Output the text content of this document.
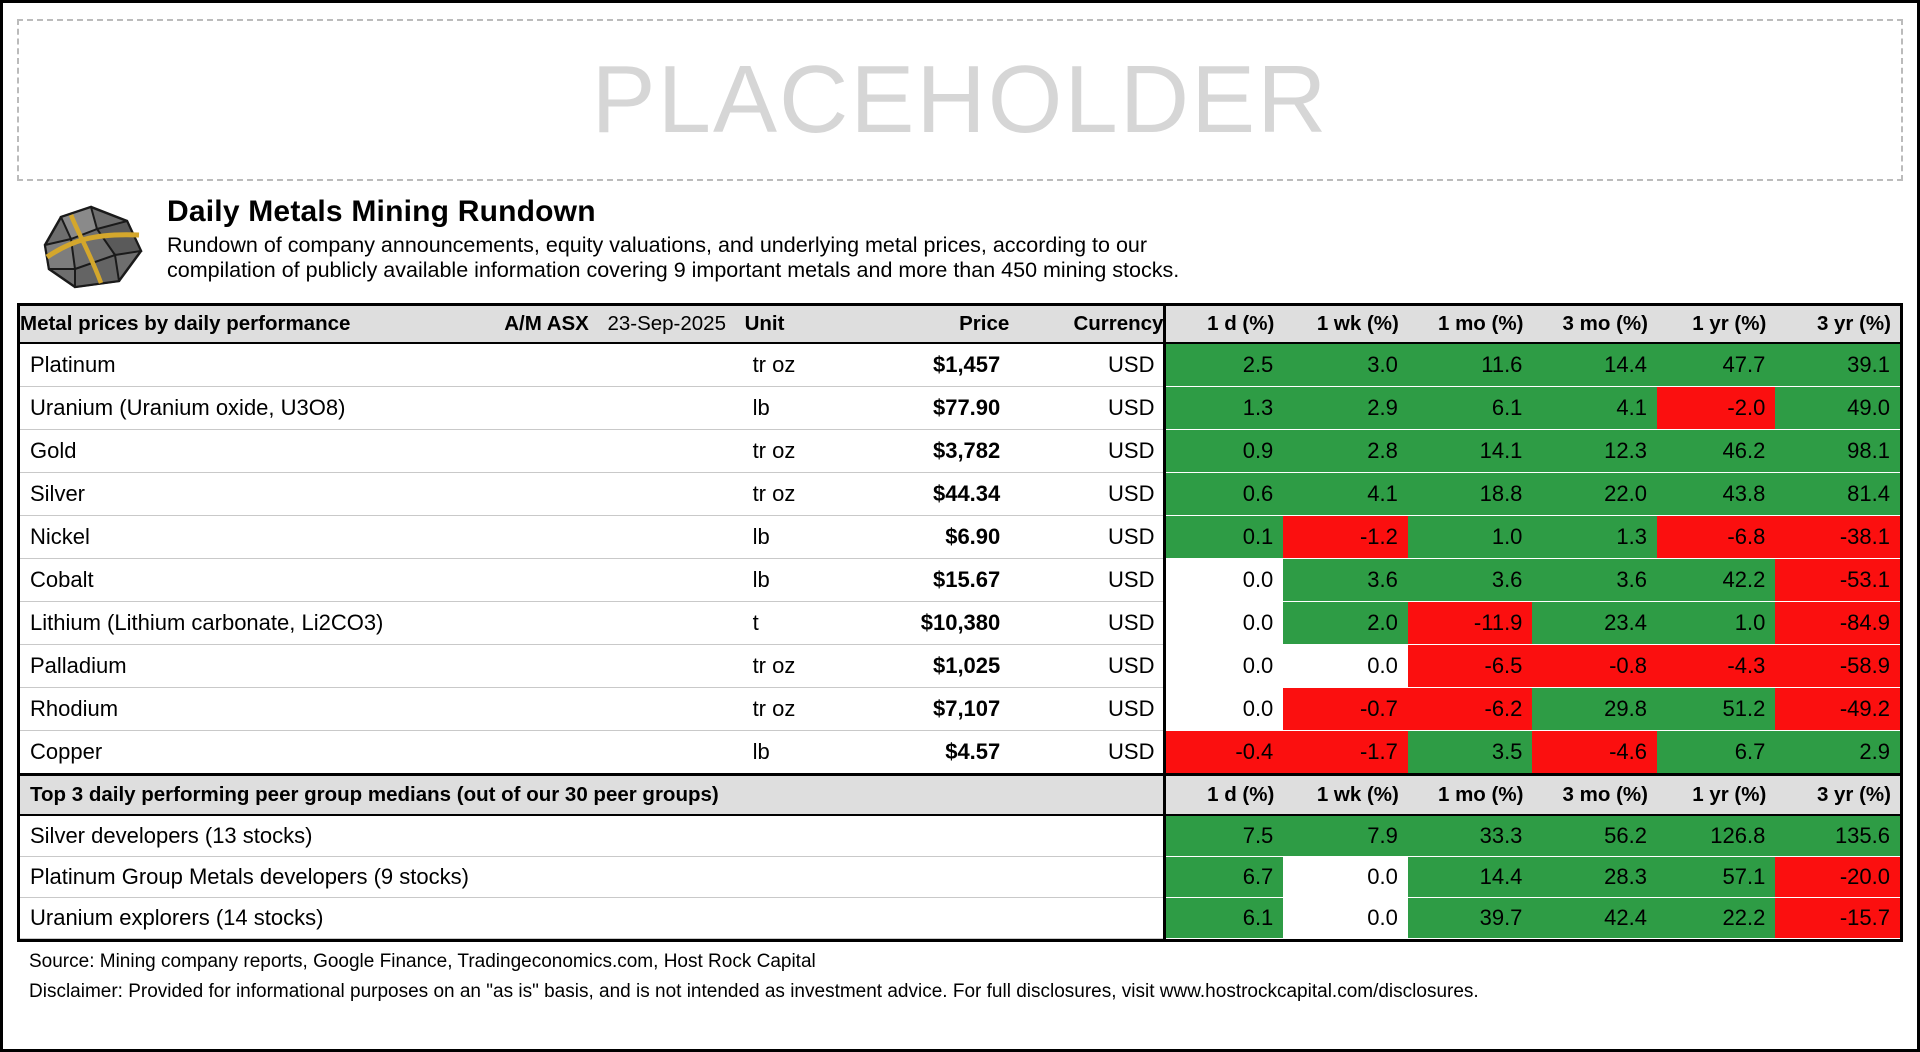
PLACEHOLDER
Daily Metals Mining Rundown

Rundown of company announcements, equity valuations, and underlying metal prices, according to our

compilation of publicly available information covering 9 important metals and more than 450 mining stocks.

Metal prices by daily performance	A/M ASX	23-Sep-2025	Unit	Price	Currency	1 d (%)	1 wk (%)	1 mo (%)	3 mo (%)	1 yr (%)	3 yr (%)
Platinum			tr oz	$1,457	USD	2.5	3.0	11.6	14.4	47.7	39.1
Uranium (Uranium oxide, U3O8)			lb	$77.90	USD	1.3	2.9	6.1	4.1	-2.0	49.0
Gold			tr oz	$3,782	USD	0.9	2.8	14.1	12.3	46.2	98.1
Silver			tr oz	$44.34	USD	0.6	4.1	18.8	22.0	43.8	81.4
Nickel			lb	$6.90	USD	0.1	-1.2	1.0	1.3	-6.8	-38.1
Cobalt			lb	$15.67	USD	0.0	3.6	3.6	3.6	42.2	-53.1
Lithium (Lithium carbonate, Li2CO3)			t	$10,380	USD	0.0	2.0	-11.9	23.4	1.0	-84.9
Palladium			tr oz	$1,025	USD	0.0	0.0	-6.5	-0.8	-4.3	-58.9
Rhodium			tr oz	$7,107	USD	0.0	-0.7	-6.2	29.8	51.2	-49.2
Copper			lb	$4.57	USD	-0.4	-1.7	3.5	-4.6	6.7	2.9
Top 3 daily performing peer group medians (out of our 30 peer groups)						1 d (%)	1 wk (%)	1 mo (%)	3 mo (%)	1 yr (%)	3 yr (%)
Silver developers (13 stocks)						7.5	7.9	33.3	56.2	126.8	135.6
Platinum Group Metals developers (9 stocks)						6.7	0.0	14.4	28.3	57.1	-20.0
Uranium explorers (14 stocks)						6.1	0.0	39.7	42.4	22.2	-15.7
Source: Mining company reports, Google Finance, Tradingeconomics.com, Host Rock Capital
Disclaimer: Provided for informational purposes on an "as is" basis, and is not intended as investment advice. For full disclosures, visit www.hostrockcapital.com/disclosures.
